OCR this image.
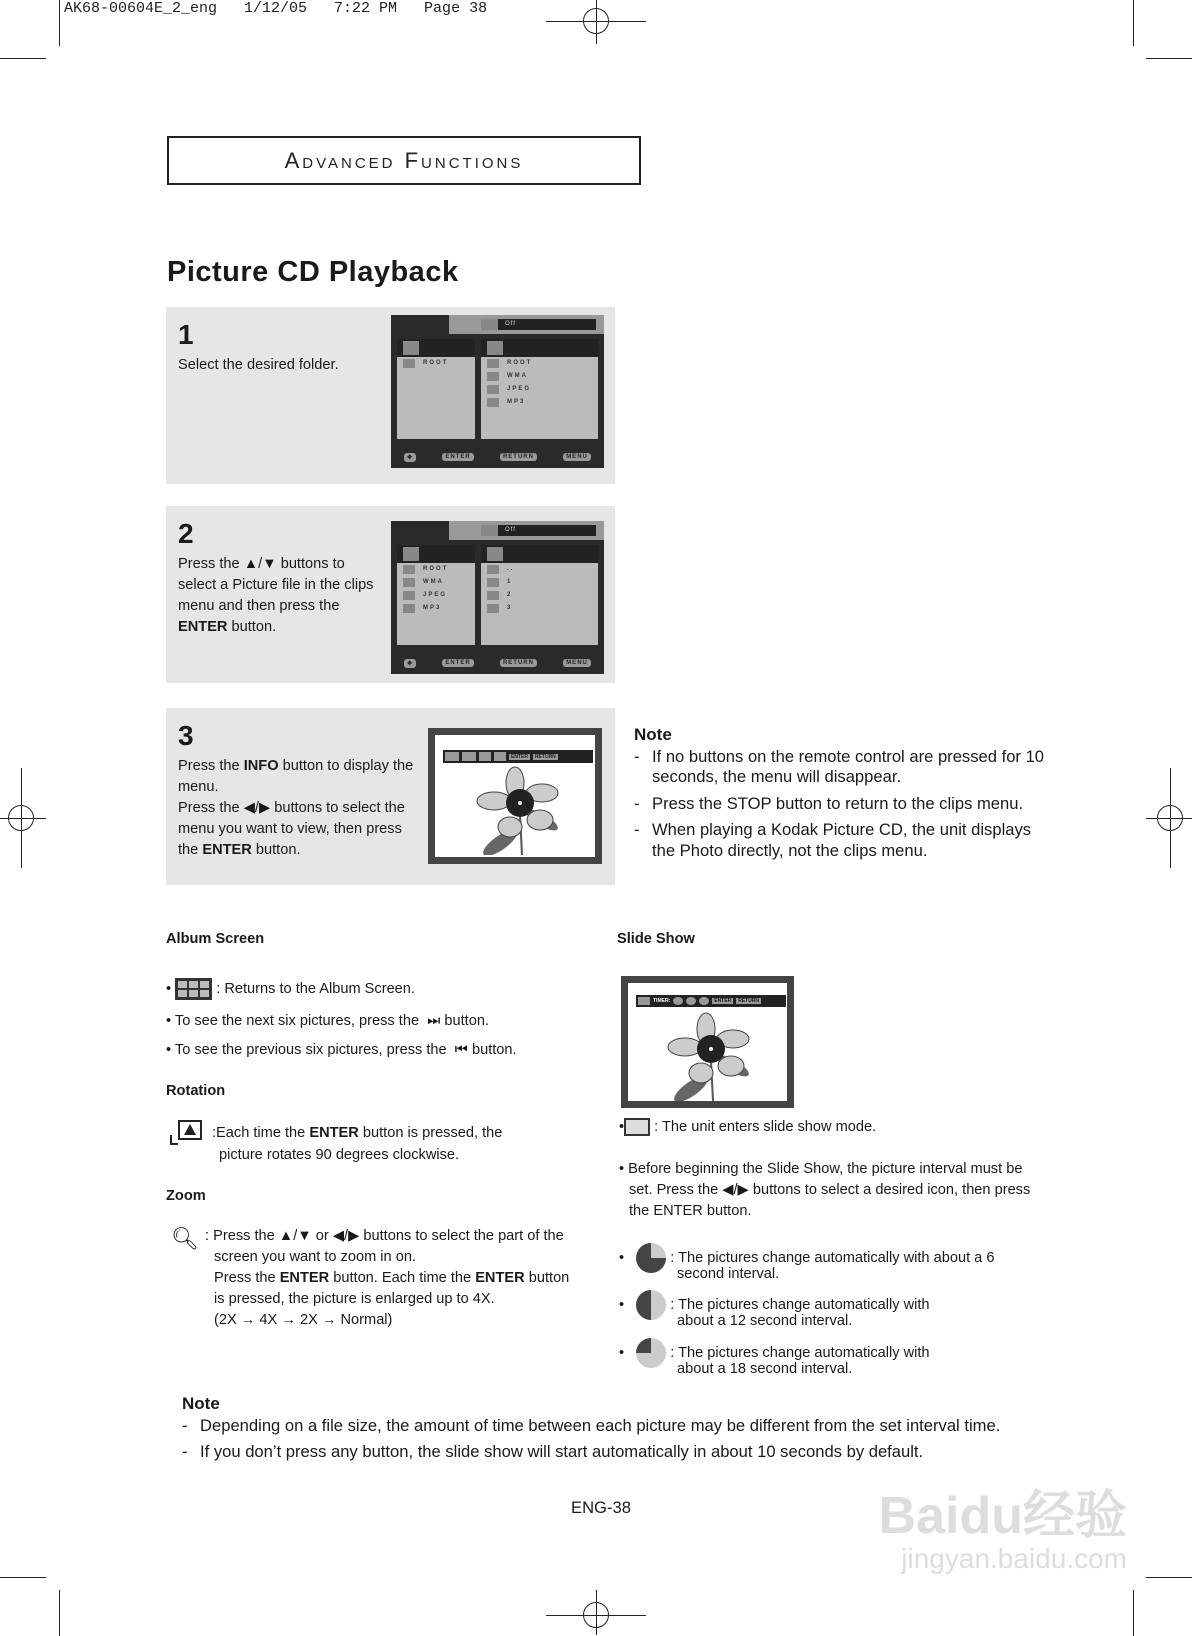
AK68-00604E_2_eng   1/12/05   7:22 PM   Page 38
Advanced Functions
Picture CD Playback
1
Select the desired folder.
Off
ROOT	ROOT
WMA
JPEG
MP3
✥	ENTER	RETURN	MENU
2
Press the ▲/▼ buttons to select a Picture file in the clips menu and then press the ENTER button.
Off
ROOT
WMA
JPEG
MP3
..
1
2
3
✥	ENTER	RETURN	MENU
3
Press the INFO button to display the menu.
Press the ◀/▶ buttons to select the menu you want to view, then press the ENTER button.
ENTER	RETURN
Note
- If no buttons on the remote control are pressed for 10 seconds, the menu will disappear.
- Press the STOP button to return to the clips menu.
- When playing a Kodak Picture CD, the unit displays the Photo directly, not the clips menu.
Album Screen
•	: Returns to the Album Screen.
• To see the next six pictures, press the  ⏭ button.
• To see the previous six pictures, press the  ⏮ button.
Rotation
:Each time the ENTER button is pressed, the
picture rotates 90 degrees clockwise.
Zoom
🔍︎ : Press the ▲/▼ or ◀/▶ buttons to select the part of the
screen you want to zoom in on.
Press the ENTER button. Each time the ENTER button
is pressed, the picture is enlarged up to 4X.
(2X → 4X → 2X → Normal)
Slide Show
TIMER:	ENTER	RETURN
• : The unit enters slide show mode.
• Before beginning the Slide Show, the picture interval must be set. Press the ◀/▶ buttons to select a desired icon, then press the ENTER button.
•	: The pictures change automatically with about a 6
second interval.
•	: The pictures change automatically with
about a 12 second interval.
•	: The pictures change automatically with
about a 18 second interval.
Note
- Depending on a file size, the amount of time between each picture may be different from the set interval time.
- If you don’t press any button, the slide show will start automatically in about 10 seconds by default.
ENG-38	Baidu经验
jingyan.baidu.com
